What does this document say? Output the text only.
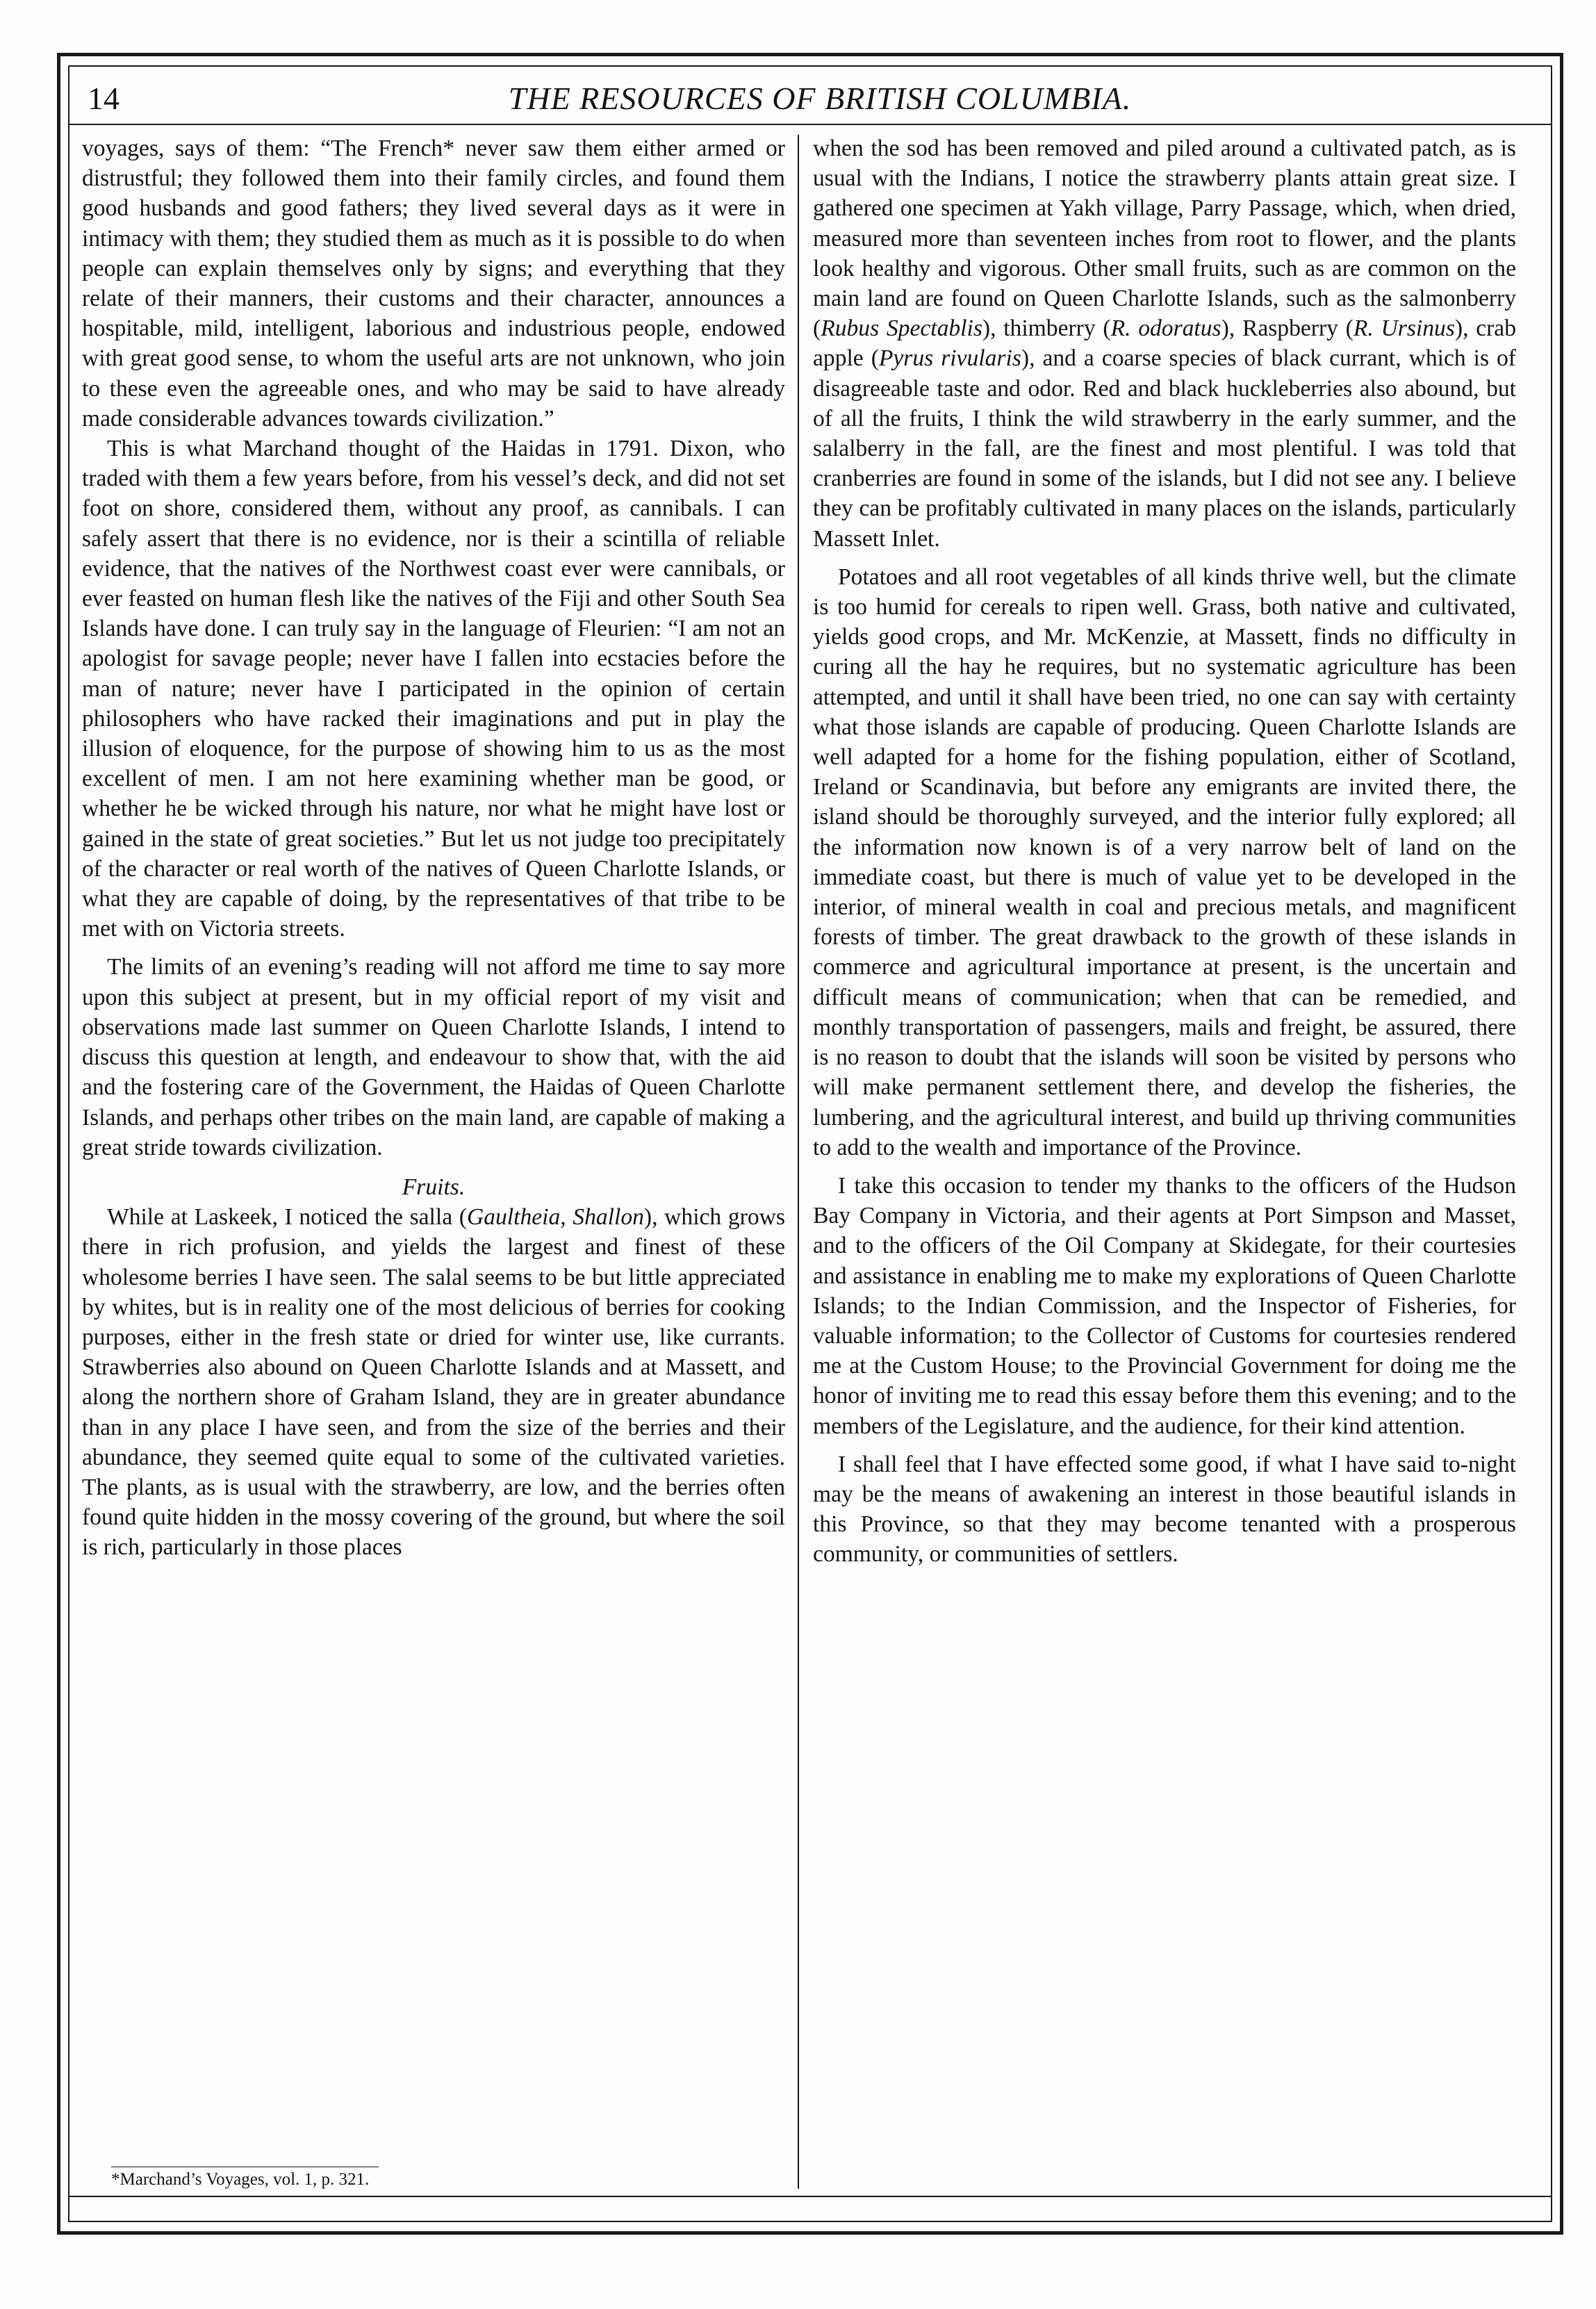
14	THE RESOURCES OF BRITISH COLUMBIA.

voyages, says of them: “The French* never saw them either armed or distrustful; they followed them into their family circles, and found them good husbands and good fathers; they lived several days as it were in intimacy with them; they studied them as much as it is possible to do when people can explain themselves only by signs; and everything that they relate of their manners, their customs and their character, announces a hospitable, mild, intelligent, laborious and industrious people, endowed with great good sense, to whom the useful arts are not unknown, who join to these even the agreeable ones, and who may be said to have already made considerable advances towards civilization.”

This is what Marchand thought of the Haidas in 1791. Dixon, who traded with them a few years before, from his vessel’s deck, and did not set foot on shore, considered them, without any proof, as cannibals. I can safely assert that there is no evidence, nor is their a scintilla of reliable evidence, that the natives of the Northwest coast ever were cannibals, or ever feasted on human flesh like the natives of the Fiji and other South Sea Islands have done. I can truly say in the language of Fleurien: “I am not an apologist for savage people; never have I fallen into ecstacies before the man of nature; never have I participated in the opinion of certain philosophers who have racked their imaginations and put in play the illusion of eloquence, for the purpose of showing him to us as the most excellent of men. I am not here examining whether man be good, or whether he be wicked through his nature, nor what he might have lost or gained in the state of great societies.” But let us not judge too precipitately of the character or real worth of the natives of Queen Charlotte Islands, or what they are capable of doing, by the representatives of that tribe to be met with on Victoria streets.

The limits of an evening’s reading will not afford me time to say more upon this subject at present, but in my official report of my visit and observations made last summer on Queen Charlotte Islands, I intend to discuss this question at length, and endeavour to show that, with the aid and the fostering care of the Government, the Haidas of Queen Charlotte Islands, and perhaps other tribes on the main land, are capable of making a great stride towards civilization.

Fruits.

While at Laskeek, I noticed the salla (Gaultheia, Shallon), which grows there in rich profusion, and yields the largest and finest of these wholesome berries I have seen. The salal seems to be but little appreciated by whites, but is in reality one of the most delicious of berries for cooking purposes, either in the fresh state or dried for winter use, like currants. Strawberries also abound on Queen Charlotte Islands and at Massett, and along the northern shore of Graham Island, they are in greater abundance than in any place I have seen, and from the size of the berries and their abundance, they seemed quite equal to some of the cultivated varieties. The plants, as is usual with the strawberry, are low, and the berries often found quite hidden in the mossy covering of the ground, but where the soil is rich, particularly in those places

when the sod has been removed and piled around a cultivated patch, as is usual with the Indians, I notice the strawberry plants attain great size. I gathered one specimen at Yakh village, Parry Passage, which, when dried, measured more than seventeen inches from root to flower, and the plants look healthy and vigorous. Other small fruits, such as are common on the main land are found on Queen Charlotte Islands, such as the salmonberry (Rubus Spectablis), thimberry (R. odoratus), Raspberry (R. Ursinus), crab apple (Pyrus rivularis), and a coarse species of black currant, which is of disagreeable taste and odor. Red and black huckleberries also abound, but of all the fruits, I think the wild strawberry in the early summer, and the salalberry in the fall, are the finest and most plentiful. I was told that cranberries are found in some of the islands, but I did not see any. I believe they can be profitably cultivated in many places on the islands, particularly Massett Inlet.

Potatoes and all root vegetables of all kinds thrive well, but the climate is too humid for cereals to ripen well. Grass, both native and cultivated, yields good crops, and Mr. McKenzie, at Massett, finds no difficulty in curing all the hay he requires, but no systematic agriculture has been attempted, and until it shall have been tried, no one can say with certainty what those islands are capable of producing. Queen Charlotte Islands are well adapted for a home for the fishing population, either of Scotland, Ireland or Scandinavia, but before any emigrants are invited there, the island should be thoroughly surveyed, and the interior fully explored; all the information now known is of a very narrow belt of land on the immediate coast, but there is much of value yet to be developed in the interior, of mineral wealth in coal and precious metals, and magnificent forests of timber. The great drawback to the growth of these islands in commerce and agricultural importance at present, is the uncertain and difficult means of communication; when that can be remedied, and monthly transportation of passengers, mails and freight, be assured, there is no reason to doubt that the islands will soon be visited by persons who will make permanent settlement there, and develop the fisheries, the lumbering, and the agricultural interest, and build up thriving communities to add to the wealth and importance of the Province.

I take this occasion to tender my thanks to the officers of the Hudson Bay Company in Victoria, and their agents at Port Simpson and Masset, and to the officers of the Oil Company at Skidegate, for their courtesies and assistance in enabling me to make my explorations of Queen Charlotte Islands; to the Indian Commission, and the Inspector of Fisheries, for valuable information; to the Collector of Customs for courtesies rendered me at the Custom House; to the Provincial Government for doing me the honor of inviting me to read this essay before them this evening; and to the members of the Legislature, and the audience, for their kind attention.

I shall feel that I have effected some good, if what I have said to-night may be the means of awakening an interest in those beautiful islands in this Province, so that they may become tenanted with a prosperous community, or communities of settlers.

*Marchand’s Voyages, vol. 1, p. 321.
